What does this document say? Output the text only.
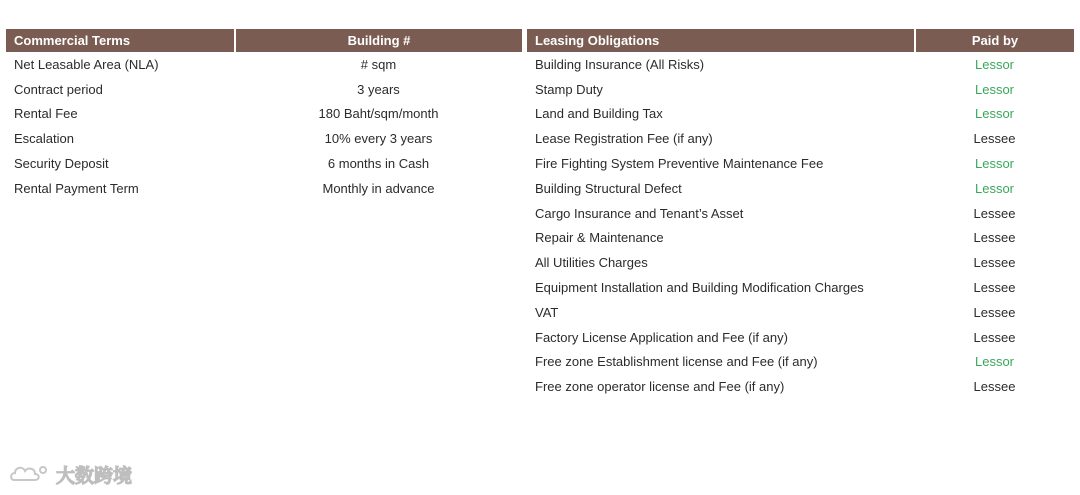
Commercial Terms	Building #
Net Leasable Area (NLA)	# sqm
Contract period	3 years
Rental Fee	180 Baht/sqm/month
Escalation	10% every 3 years
Security Deposit	6 months in Cash
Rental Payment Term	Monthly in advance
Leasing Obligations	Paid by
Building Insurance (All Risks)	Lessor
Stamp Duty	Lessor
Land and Building Tax	Lessor
Lease Registration Fee (if any)	Lessee
Fire Fighting System Preventive Maintenance Fee	Lessor
Building Structural Defect	Lessor
Cargo Insurance and Tenant’s Asset	Lessee
Repair & Maintenance	Lessee
All Utilities Charges	Lessee
Equipment Installation and Building Modification Charges	Lessee
VAT	Lessee
Factory License Application and Fee (if any)	Lessee
Free zone Establishment license and Fee (if any)	Lessor
Free zone operator license and Fee (if any)	Lessee
大数跨境
